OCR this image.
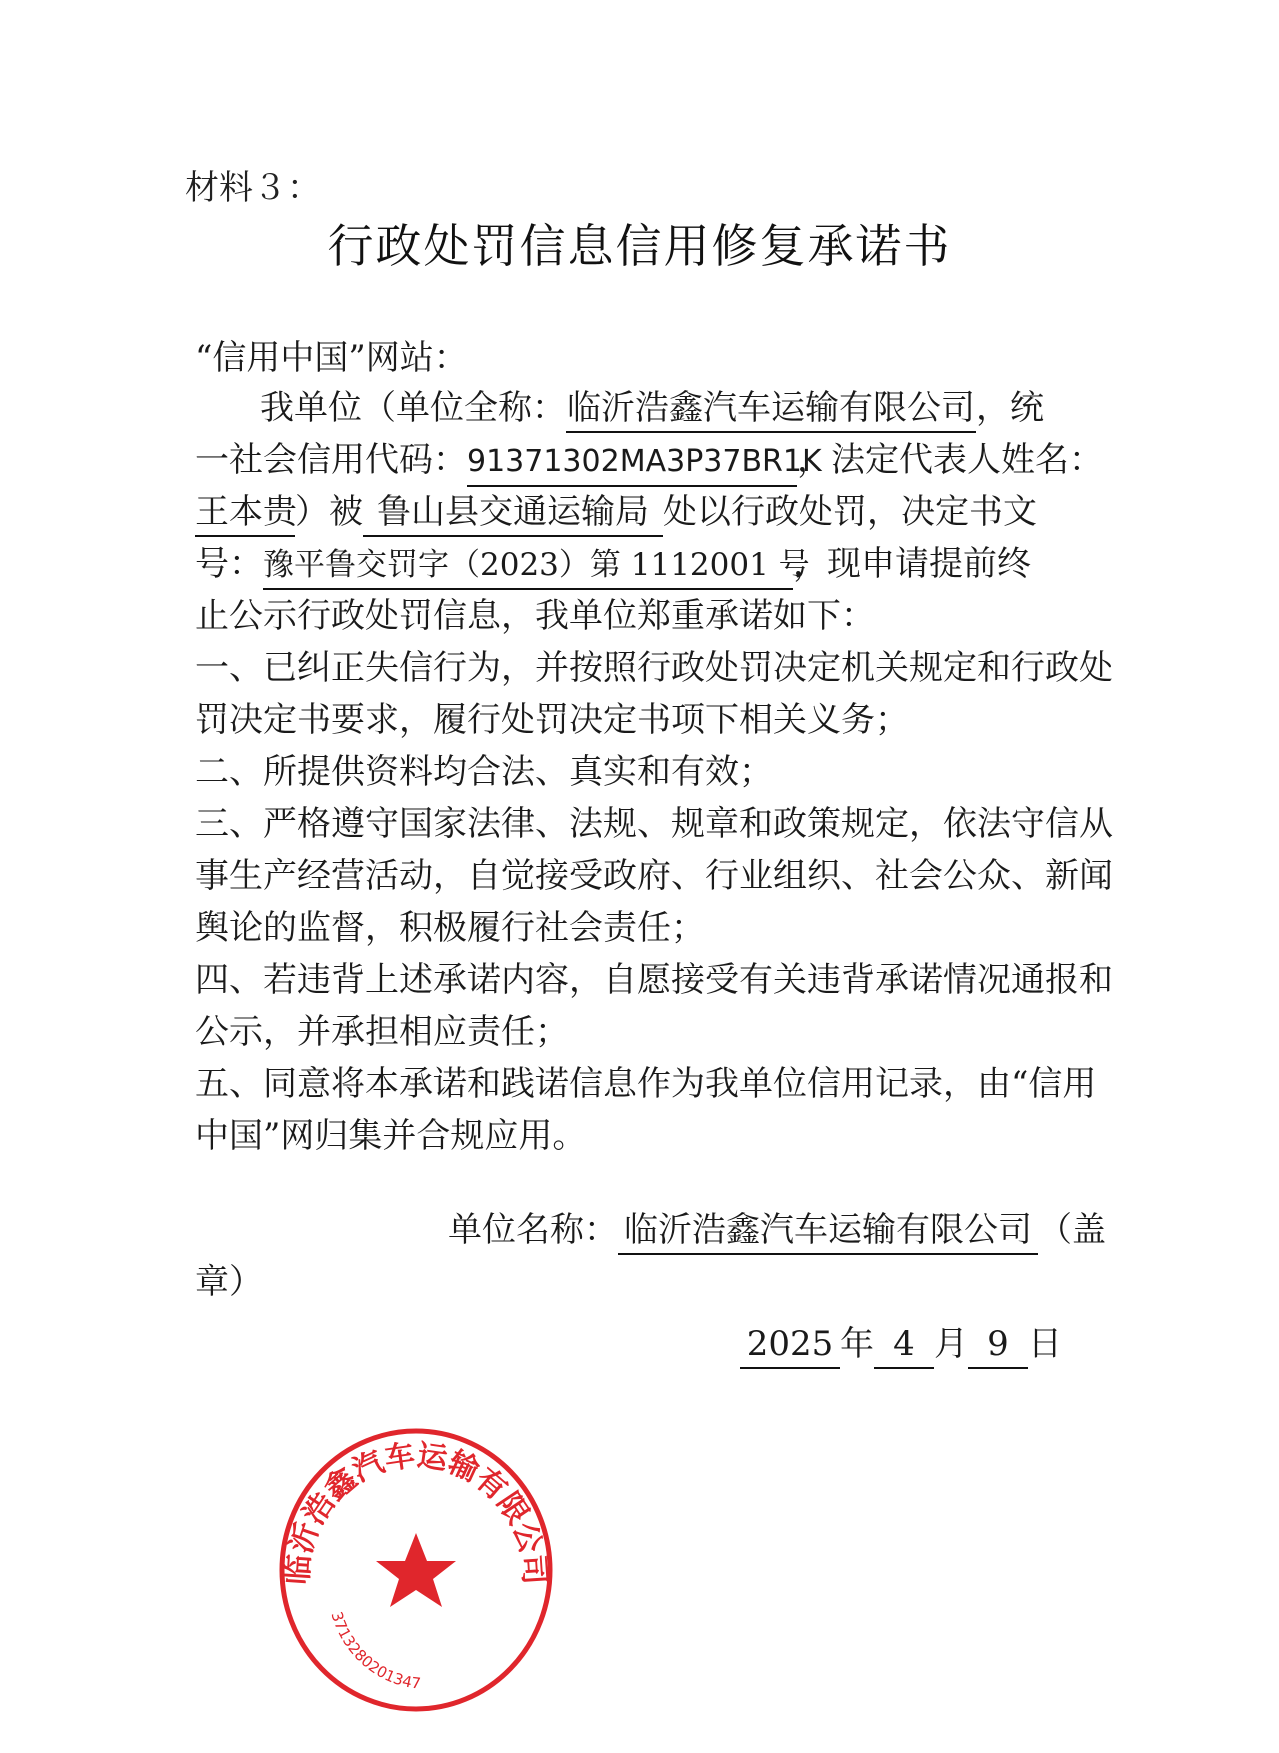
材料３：
行政处罚信息信用修复承诺书
“信用中国”网站：
我单位（单位全称：临沂浩鑫汽车运输有限公司，统
一社会信用代码：91371302MA3P37BR1K，法定代表人姓名：
王本贵）被 鲁山县交通运输局 处以行政处罚，决定书文
号：豫平鲁交罚字（2023）第 1112001 号，现申请提前终
止公示行政处罚信息，我单位郑重承诺如下：
一、已纠正失信行为，并按照行政处罚决定机关规定和行政处
罚决定书要求，履行处罚决定书项下相关义务；
二、所提供资料均合法、真实和有效；
三、严格遵守国家法律、法规、规章和政策规定，依法守信从
事生产经营活动，自觉接受政府、行业组织、社会公众、新闻
舆论的监督，积极履行社会责任；
四、若违背上述承诺内容，自愿接受有关违背承诺情况通报和
公示，并承担相应责任；
五、同意将本承诺和践诺信息作为我单位信用记录，由“信用
中国”网归集并合规应用。
单位名称： 临沂浩鑫汽车运输有限公司 （盖
章）
2025 年 4 月 9 日
临沂浩鑫汽车运输有限公司
3713280201347
